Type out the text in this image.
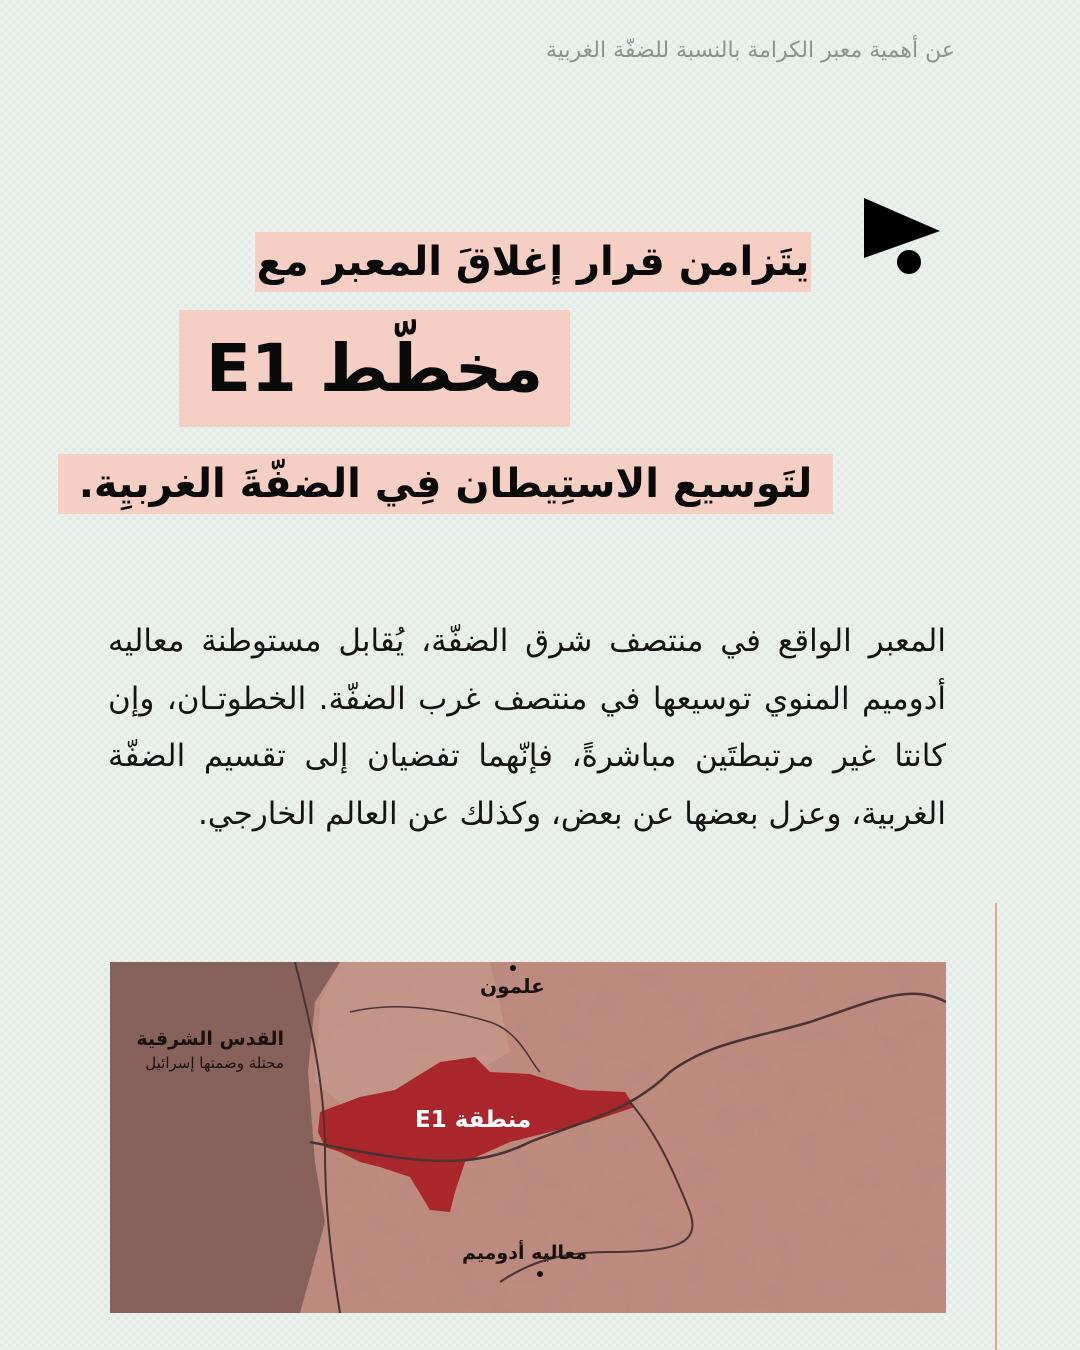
عن أهمية معبر الكرامة بالنسبة للضفّة الغربية
يتَزامن قرار إغلاقَ المعبر مع
مخطّط E1
لتَوسيع الاستِيطان فِي الضفّةَ الغربيِة.

المعبر الواقع في منتصف شرق الضفّة، يُقابل مستوطنة معاليه أدوميم المنوي توسيعها في منتصف غرب الضفّة. الخطوتـان، وإن كانتا غير مرتبطتَين مباشرةً، فإنّهما تفضيان إلى تقسيم الضفّة الغربية، وعزل بعضها عن بعض، وكذلك عن العالم الخارجي.

علمون
القدس الشرقية
محتلة وضمتها إسرائيل
منطقة E1
معاليه أدوميم
